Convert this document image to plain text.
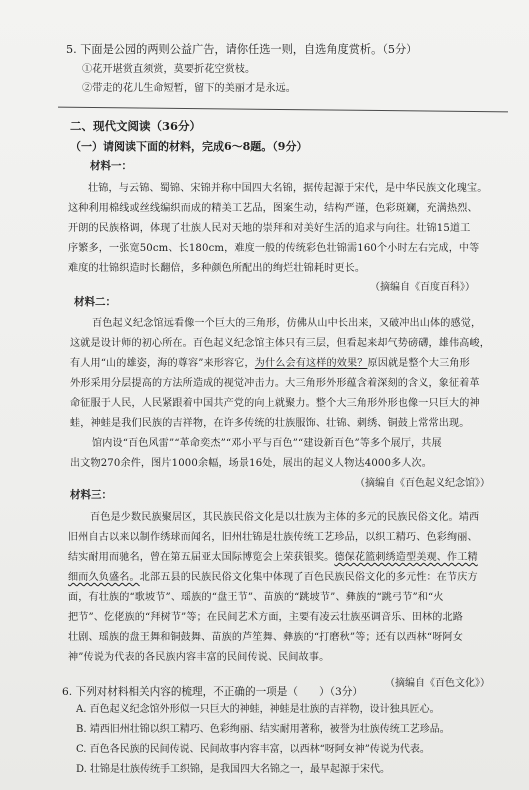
5. 下面是公园的两则公益广告，请你任选一则，自选角度赏析。（5分）
①花开堪赏直须赏，莫要折花空赏枝。
②带走的花儿生命短暂，留下的美丽才是永远。
二、现代文阅读（36分）
（一）请阅读下面的材料，完成6～8题。（9分）
材料一：
壮锦，与云锦、蜀锦、宋锦并称中国四大名锦，据传起源于宋代，是中华民族文化瑰宝。
这种利用棉线或丝线编织而成的精美工艺品，图案生动，结构严谨，色彩斑斓，充满热烈、
开朗的民族格调，体现了壮族人民对天地的崇拜和对美好生活的追求与向往。壮锦15道工
序繁多，一张宽50cm、长180cm，难度一般的传统彩色壮锦需160个小时左右完成，中等
难度的壮锦织造时长翻倍，多种颜色所配出的绚烂壮锦耗时更长。
（摘编自《百度百科》）
材料二：
百色起义纪念馆远看像一个巨大的三角形，仿佛从山中长出来，又破冲出山体的感觉，
这就是设计师的初心所在。百色起义纪念馆主体只有三层，但看起来却气势磅礴，雄伟高峻，
有人用“山的雄姿，海的尊容”来形容它，为什么会有这样的效果？原因就是整个大三角形
外形采用分层提高的方法所造成的视觉冲击力。大三角形外形蕴含着深刻的含义，象征着革
命征服于人民，人民紧跟着中国共产党的向上就聚力。整个大三角形外形也像一只巨大的神
蛙，神蛙是我们民族的吉祥物，在许多传统的壮族服饰、壮锦、刺绣、铜鼓上常常出现。
馆内设“百色风雷”“革命奕杰”“邓小平与百色”“建设新百色”等多个展厅，共展
出文物270余件，图片1000余幅，场景16处，展出的起义人物达4000多人次。
（摘编自《百色起义纪念馆》）
材料三：
百色是少数民族聚居区，其民族民俗文化是以壮族为主体的多元的民族民俗文化。靖西
旧州自古以来以制作绣球而闻名，旧州壮锦是壮族传统工艺珍品，以织工精巧、色彩绚丽、
结实耐用而驰名，曾在第五届亚太国际博览会上荣获银奖。德保花篮刺绣造型美观、作工精
细而久负盛名。北部五县的民族民俗文化集中体现了百色民族民俗文化的多元性：在节庆方
面，有壮族的“歌坡节”、瑶族的“盘王节”、苗族的“跳坡节”、彝族的“跳弓节”和“火
把节”、仡佬族的“拜树节”等；在民间艺术方面，主要有凌云壮族巫调音乐、田林的北路
壮剧、瑶族的盘王舞和铜鼓舞、苗族的芦笙舞、彝族的“打磨秋”等；还有以西林“呀阿女
神”传说为代表的各民族内容丰富的民间传说、民间故事。
（摘编自《百色文化》）
6. 下列对材料相关内容的梳理，不正确的一项是（　　）（3分）
A. 百色起义纪念馆外形似一只巨大的神蛙，神蛙是壮族的吉祥物，设计独具匠心。
B. 靖西旧州壮锦以织工精巧、色彩绚丽、结实耐用著称，被誉为壮族传统工艺珍品。
C. 百色各民族的民间传说、民间故事内容丰富，以西林“呀阿女神”传说为代表。
D. 壮锦是壮族传统手工织锦，是我国四大名锦之一，最早起源于宋代。
